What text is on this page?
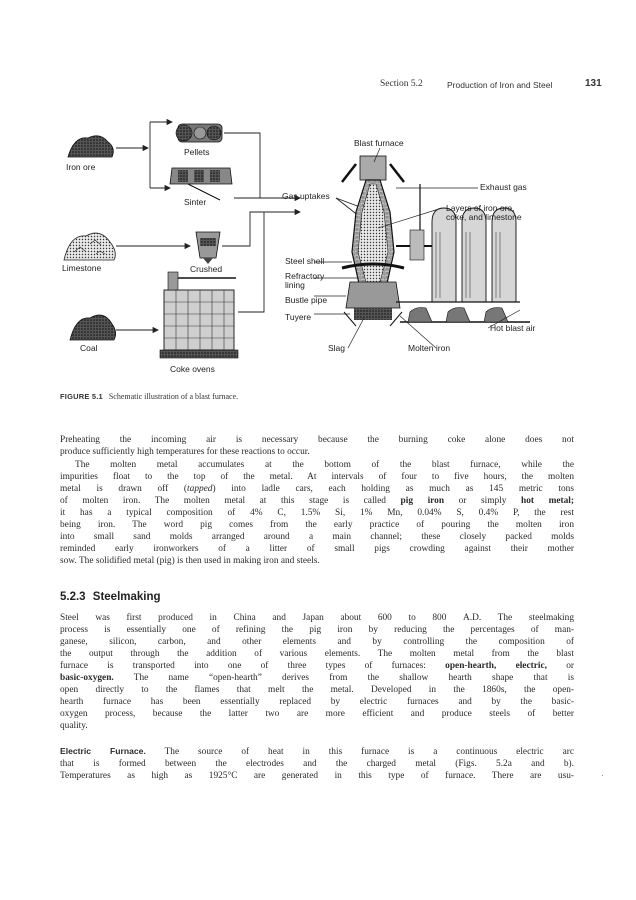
Section 5.2	Production of Iron and Steel	131
Iron ore
Pellets
Sinter
Limestone	Crushed
Coal
Coke ovens
Blast furnace
Gas uptakes
Exhaust gas
Layers of iron ore,
coke, and limestone
Steel shell
Refractory
lining
Bustle pipe
Tuyere
Hot blast air
Slag	Molten iron
FIGURE 5.1 Schematic illustration of a blast furnace.
Preheating the incoming air is necessary because the burning coke alone does not
produce sufficiently high temperatures for these reactions to occur.
The molten metal accumulates at the bottom of the blast furnace, while the
impurities float to the top of the metal. At intervals of four to five hours, the molten
metal is drawn off (tapped) into ladle cars, each holding as much as 145 metric tons
of molten iron. The molten metal at this stage is called pig iron or simply hot metal;
it has a typical composition of 4% C, 1.5% Si, 1% Mn, 0.04% S, 0.4% P, the rest
being iron. The word pig comes from the early practice of pouring the molten iron
into small sand molds arranged around a main channel; these closely packed molds
reminded early ironworkers of a litter of small pigs crowding against their mother
sow. The solidified metal (pig) is then used in making iron and steels.
5.2.3 Steelmaking
Steel was first produced in China and Japan about 600 to 800 A.D. The steelmaking
process is essentially one of refining the pig iron by reducing the percentages of man-
ganese, silicon, carbon, and other elements and by controlling the composition of
the output through the addition of various elements. The molten metal from the blast
furnace is transported into one of three types of furnaces: open-hearth, electric, or
basic-oxygen. The name “open-hearth” derives from the shallow hearth shape that is
open directly to the flames that melt the metal. Developed in the 1860s, the open-
hearth furnace has been essentially replaced by electric furnaces and by the basic-
oxygen process, because the latter two are more efficient and produce steels of better
quality.
Electric Furnace. The source of heat in this furnace is a continuous electric arc
that is formed between the electrodes and the charged metal (Figs. 5.2a and b).
Temperatures as high as 1925°C are generated in this type of furnace. There are usu-	·
